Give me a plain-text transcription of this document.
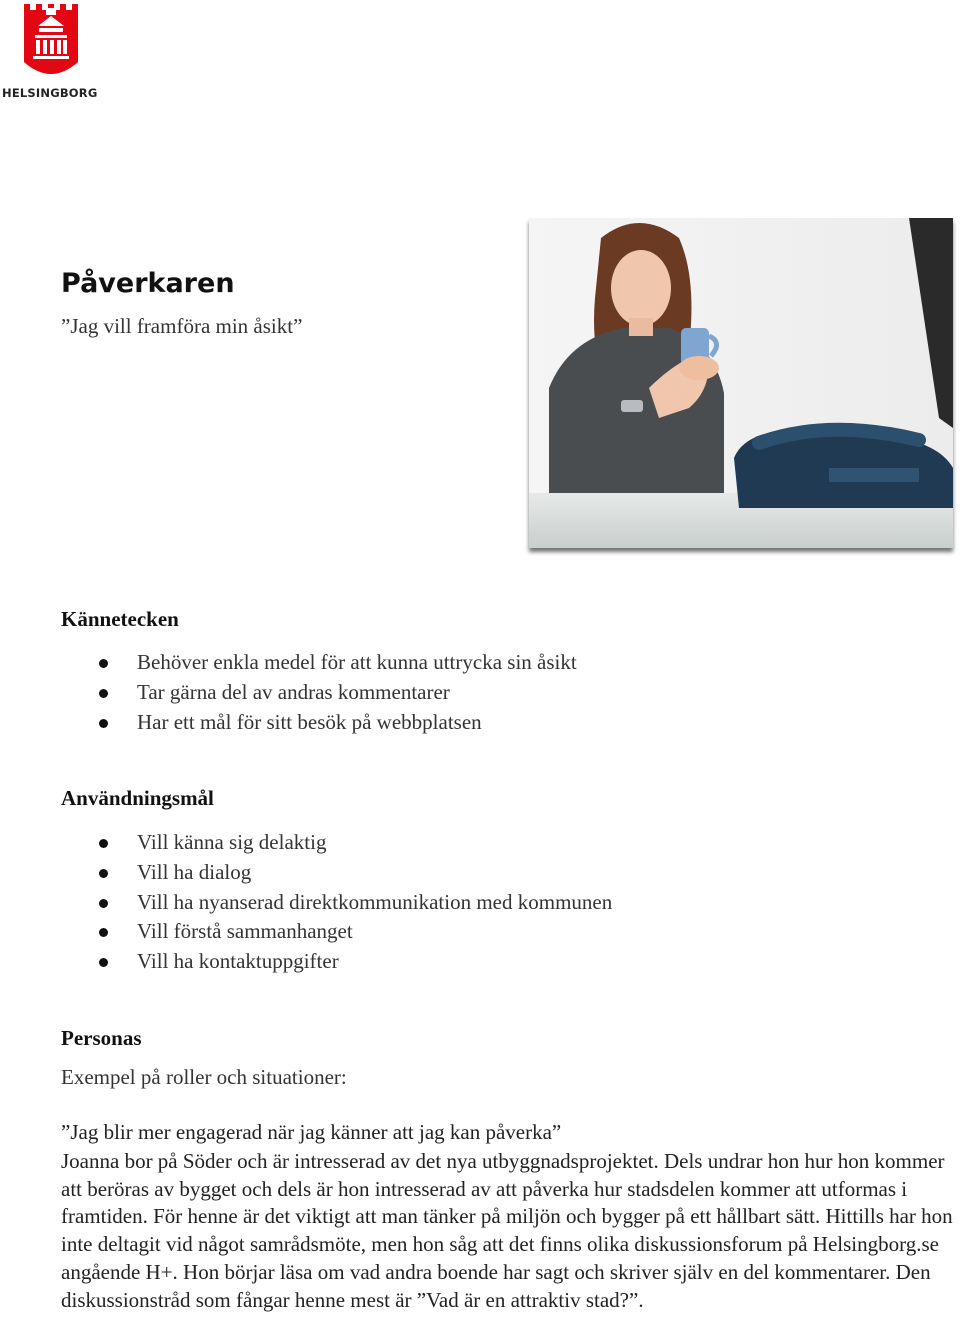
HELSINGBORG
Påverkaren
”Jag vill framföra min åsikt”
Kännetecken
Behöver enkla medel för att kunna uttrycka sin åsikt
Tar gärna del av andras kommentarer
Har ett mål för sitt besök på webbplatsen
Användningsmål
Vill känna sig delaktig
Vill ha dialog
Vill ha nyanserad direktkommunikation med kommunen
Vill förstå sammanhanget
Vill ha kontaktuppgifter
Personas
Exempel på roller och situationer:
”Jag blir mer engagerad när jag känner att jag kan påverka”

Joanna bor på Söder och är intresserad av det nya utbyggnadsprojektet. Dels undrar hon hur hon kommer att beröras av bygget och dels är hon intresserad av att påverka hur stadsdelen kommer att utformas i framtiden. För henne är det viktigt att man tänker på miljön och bygger på ett hållbart sätt. Hittills har hon inte deltagit vid något samrådsmöte, men hon såg att det finns olika diskussionsforum på Helsingborg.se angående H+. Hon börjar läsa om vad andra boende har sagt och skriver själv en del kommentarer. Den diskussionstråd som fångar henne mest är ”Vad är en attraktiv stad?”.
